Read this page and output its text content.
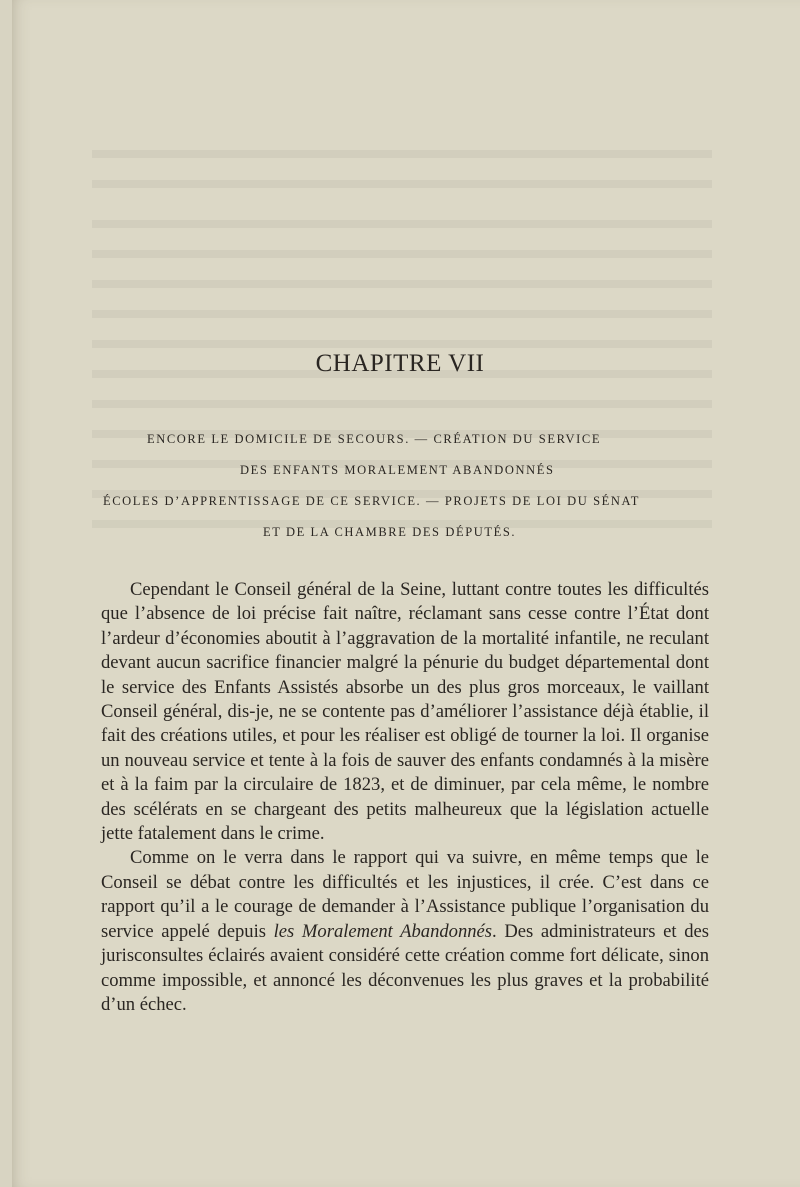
CHAPITRE VII
ENCORE LE DOMICILE DE SECOURS. — CRÉATION DU SERVICE
DES ENFANTS MORALEMENT ABANDONNÉS
ÉCOLES D’APPRENTISSAGE DE CE SERVICE. — PROJETS DE LOI DU SÉNAT
ET DE LA CHAMBRE DES DÉPUTÉS.

Cependant le Conseil général de la Seine, luttant contre toutes les difficultés que l’absence de loi précise fait naître, réclamant sans cesse contre l’État dont l’ardeur d’économies aboutit à l’aggravation de la mortalité infantile, ne reculant devant aucun sacrifice financier malgré la pénurie du budget départemental dont le service des Enfants Assistés absorbe un des plus gros morceaux, le vaillant Conseil général, dis-je, ne se contente pas d’améliorer l’assistance déjà établie, il fait des créations utiles, et pour les réaliser est obligé de tourner la loi. Il organise un nouveau service et tente à la fois de sauver des enfants condamnés à la misère et à la faim par la circulaire de 1823, et de diminuer, par cela même, le nombre des scélérats en se chargeant des petits malheureux que la législation actuelle jette fatalement dans le crime.

Comme on le verra dans le rapport qui va suivre, en même temps que le Conseil se débat contre les difficultés et les injustices, il crée. C’est dans ce rapport qu’il a le courage de demander à l’Assistance publique l’organisation du service appelé depuis les Moralement Abandonnés. Des administrateurs et des jurisconsultes éclairés avaient considéré cette création comme fort délicate, sinon comme impossible, et annoncé les déconvenues les plus graves et la probabilité d’un échec.
